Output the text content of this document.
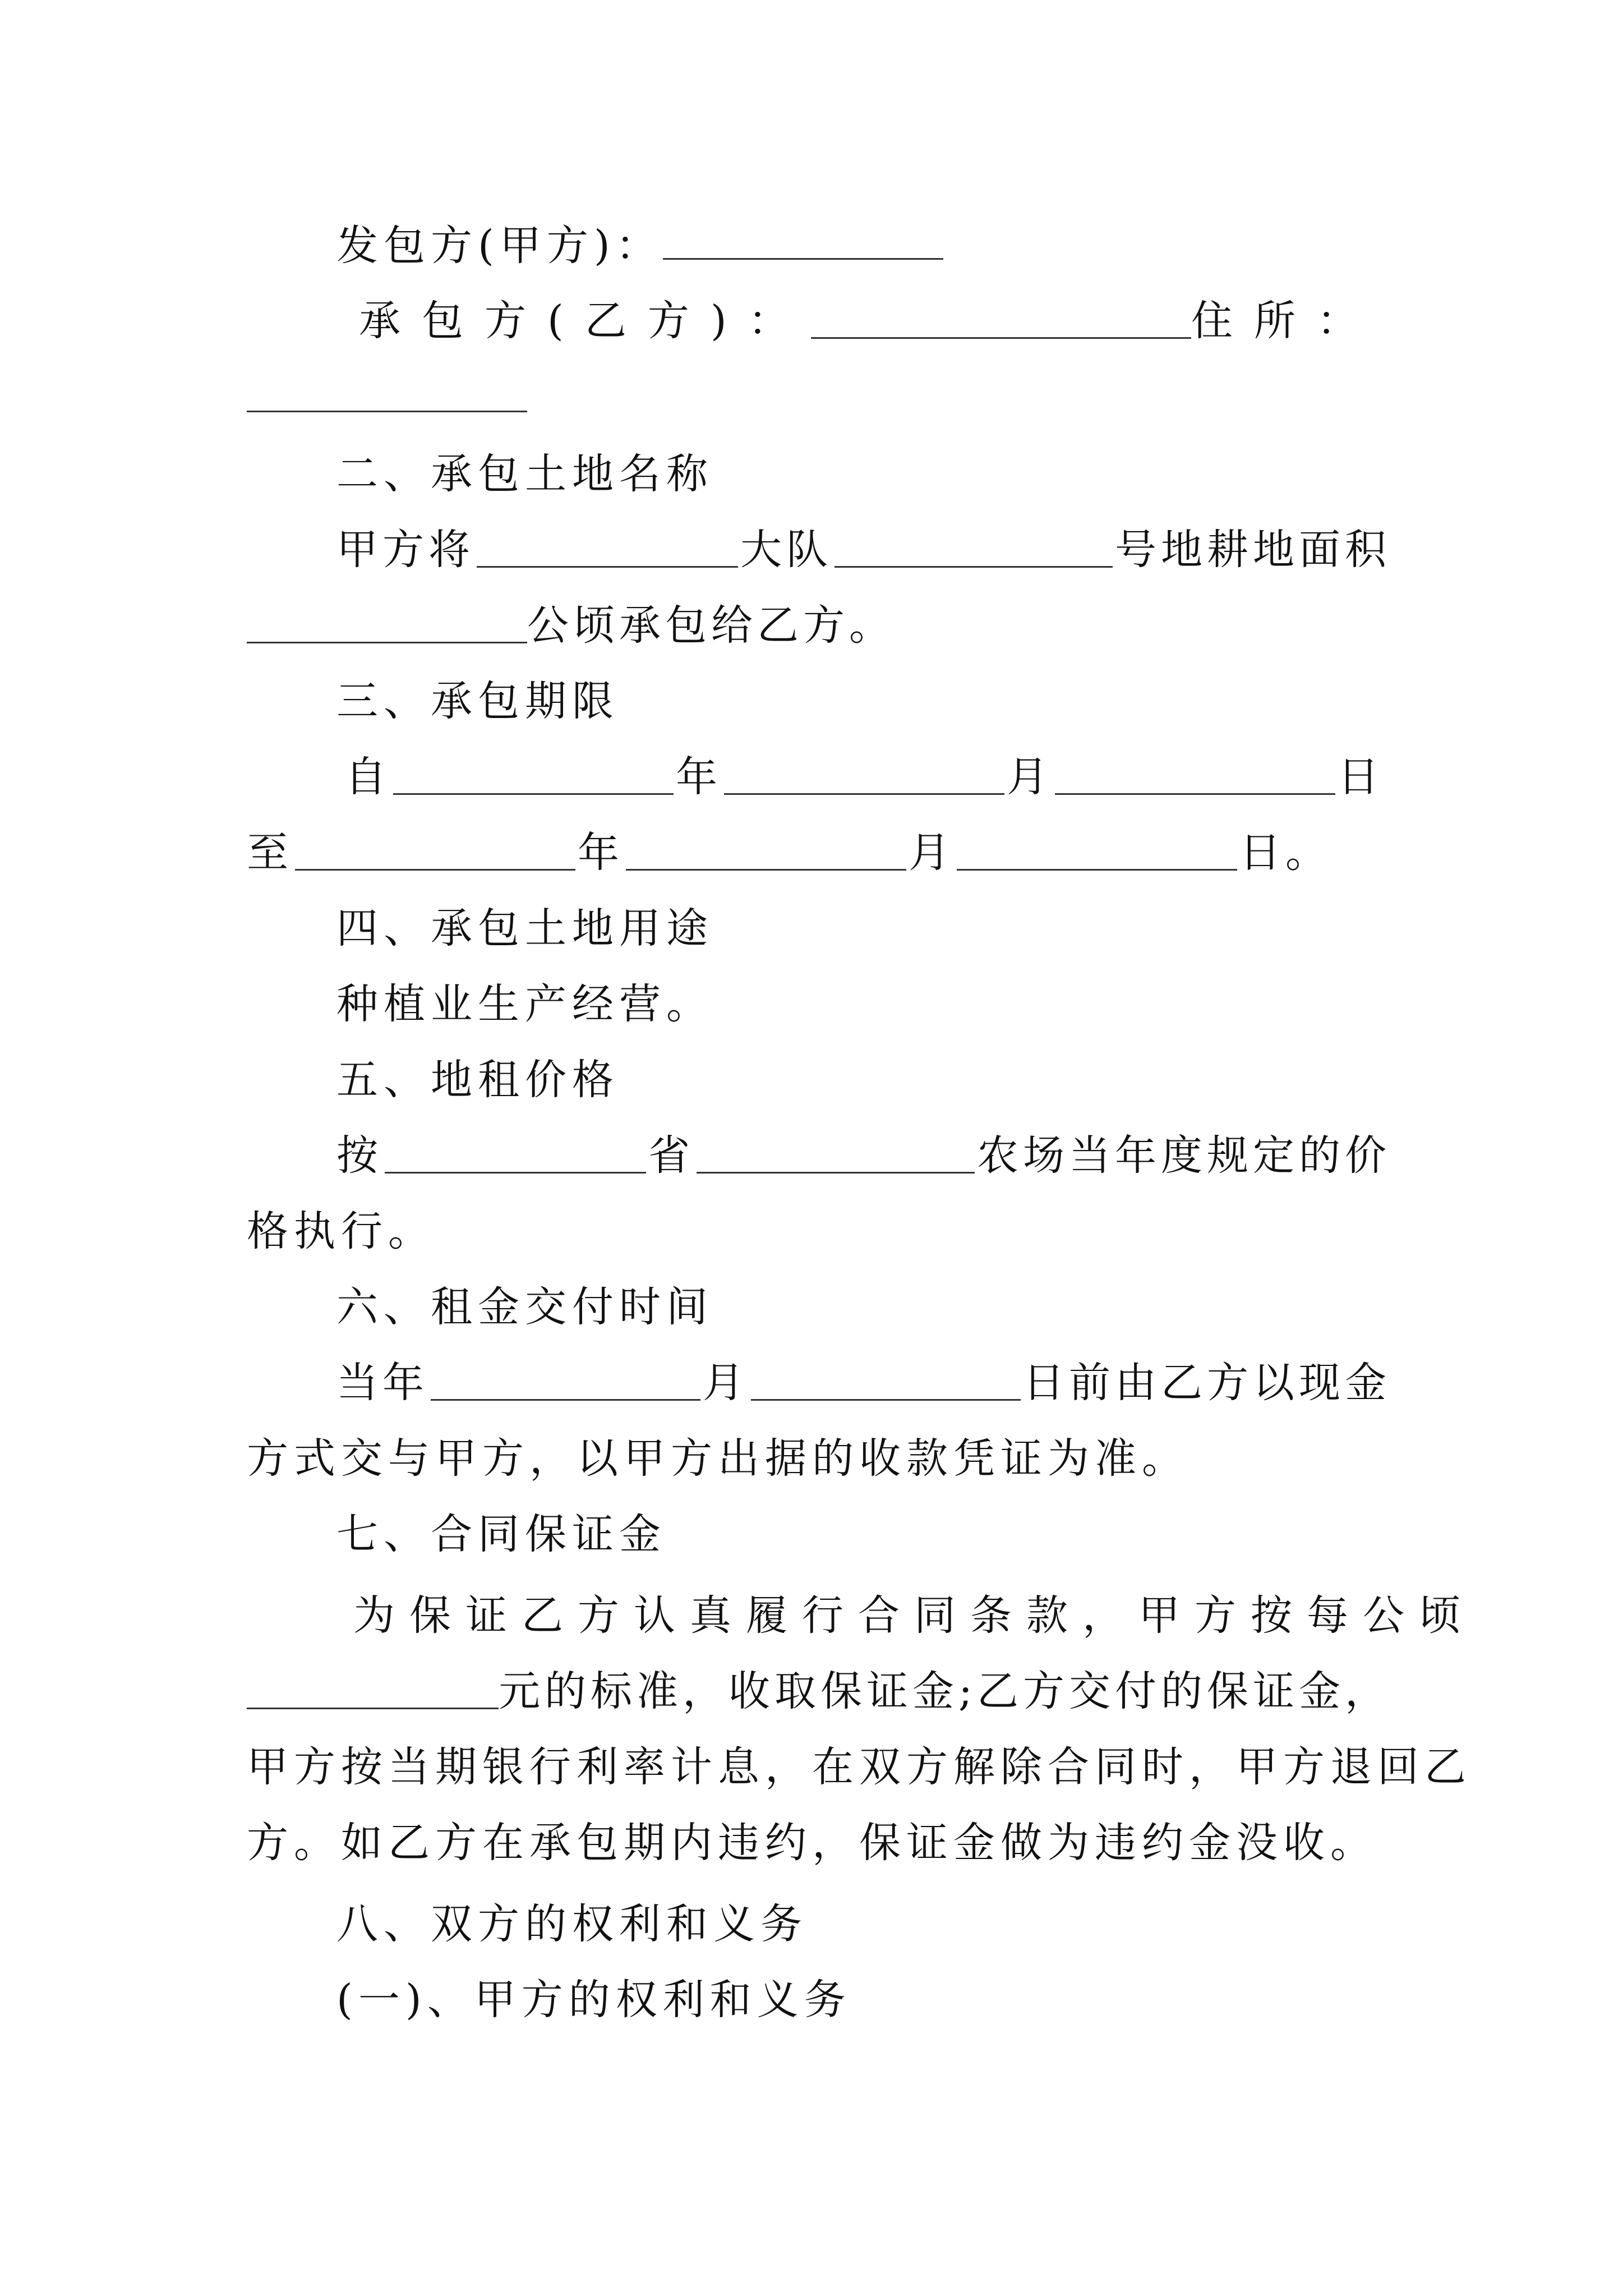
发包方(甲方)：
承包方(乙方)：	住所：
二、承包土地名称
甲方将	大队	号地耕地面积
公顷承包给乙方。
三、承包期限
自	年	月	日
至	年	月	日。
四、承包土地用途
种植业生产经营。
五、地租价格
按	省	农场当年度规定的价
格执行。
六、租金交付时间
当年	月	日前由乙方以现金
方式交与甲方，以甲方出据的收款凭证为准。
七、合同保证金
为保证乙方认真履行合同条款，甲方按每公顷
元的标准，收取保证金;乙方交付的保证金，
甲方按当期银行利率计息，在双方解除合同时，甲方退回乙
方。如乙方在承包期内违约，保证金做为违约金没收。
八、双方的权利和义务
(一)、甲方的权利和义务
